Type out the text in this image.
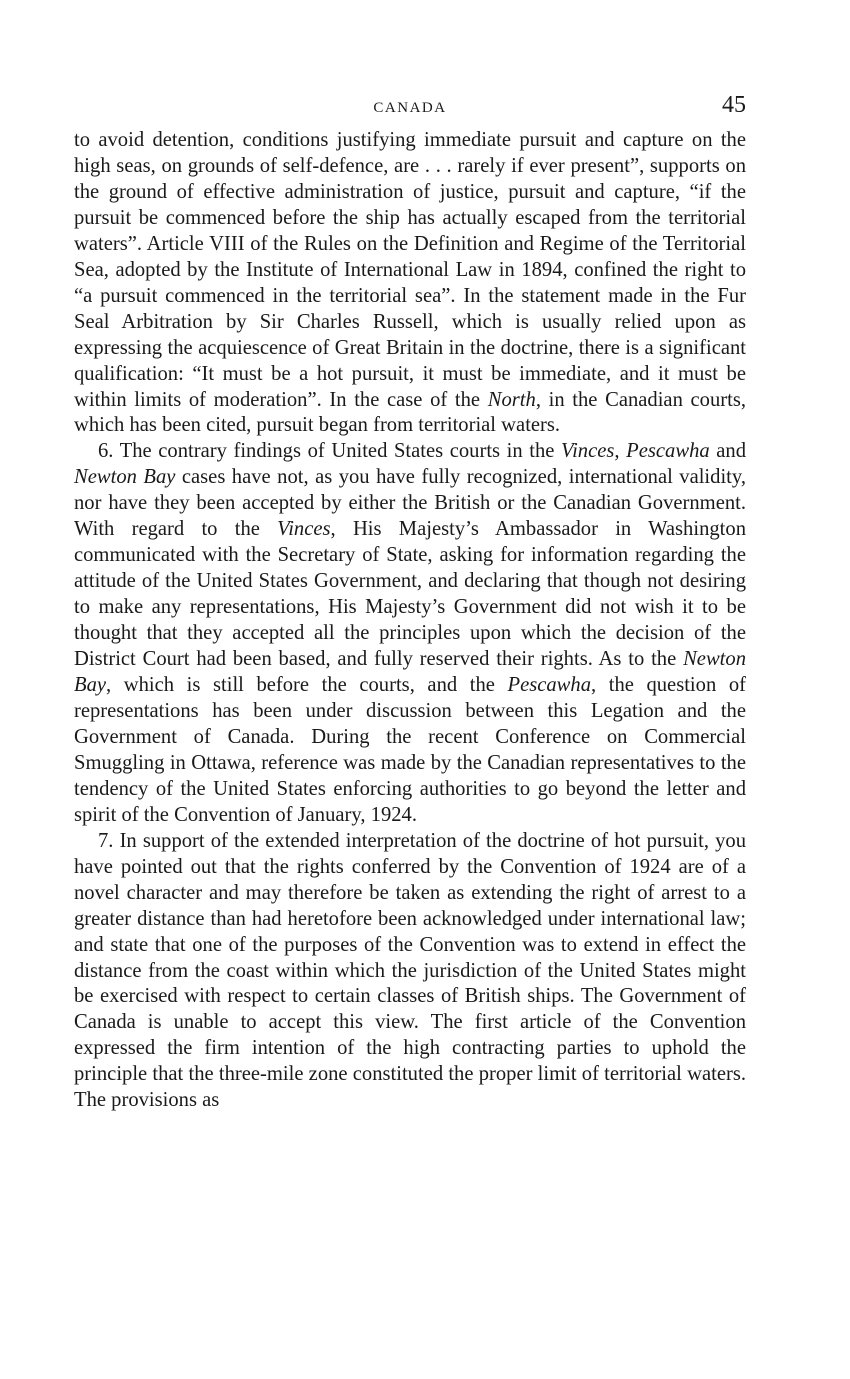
CANADA	45

to avoid detention, conditions justifying immediate pursuit and capture on the high seas, on grounds of self-defence, are . . . rarely if ever present”, supports on the ground of effective administration of justice, pursuit and capture, “if the pursuit be commenced before the ship has actually escaped from the territorial waters”. Article VIII of the Rules on the Definition and Regime of the Territorial Sea, adopted by the Institute of International Law in 1894, confined the right to “a pursuit commenced in the territorial sea”. In the statement made in the Fur Seal Arbitration by Sir Charles Russell, which is usually relied upon as expressing the acquiescence of Great Britain in the doctrine, there is a significant qualification: “It must be a hot pursuit, it must be immediate, and it must be within limits of moderation”. In the case of the North, in the Canadian courts, which has been cited, pursuit began from territorial waters.

6. The contrary findings of United States courts in the Vinces, Pescawha and Newton Bay cases have not, as you have fully recognized, international validity, nor have they been accepted by either the British or the Canadian Government. With regard to the Vinces, His Majesty’s Ambassador in Washington communicated with the Secretary of State, asking for information regarding the attitude of the United States Government, and declaring that though not desiring to make any representations, His Majesty’s Government did not wish it to be thought that they accepted all the principles upon which the decision of the District Court had been based, and fully reserved their rights. As to the Newton Bay, which is still before the courts, and the Pescawha, the question of representations has been under discussion between this Legation and the Government of Canada. During the recent Conference on Commercial Smuggling in Ottawa, reference was made by the Canadian representatives to the tendency of the United States enforcing authorities to go beyond the letter and spirit of the Convention of January, 1924.

7. In support of the extended interpretation of the doctrine of hot pursuit, you have pointed out that the rights conferred by the Convention of 1924 are of a novel character and may therefore be taken as extending the right of arrest to a greater distance than had heretofore been acknowledged under international law; and state that one of the purposes of the Convention was to extend in effect the distance from the coast within which the jurisdiction of the United States might be exercised with respect to certain classes of British ships. The Government of Canada is unable to accept this view. The first article of the Convention expressed the firm intention of the high contracting parties to uphold the principle that the three-mile zone constituted the proper limit of territorial waters. The provisions as
